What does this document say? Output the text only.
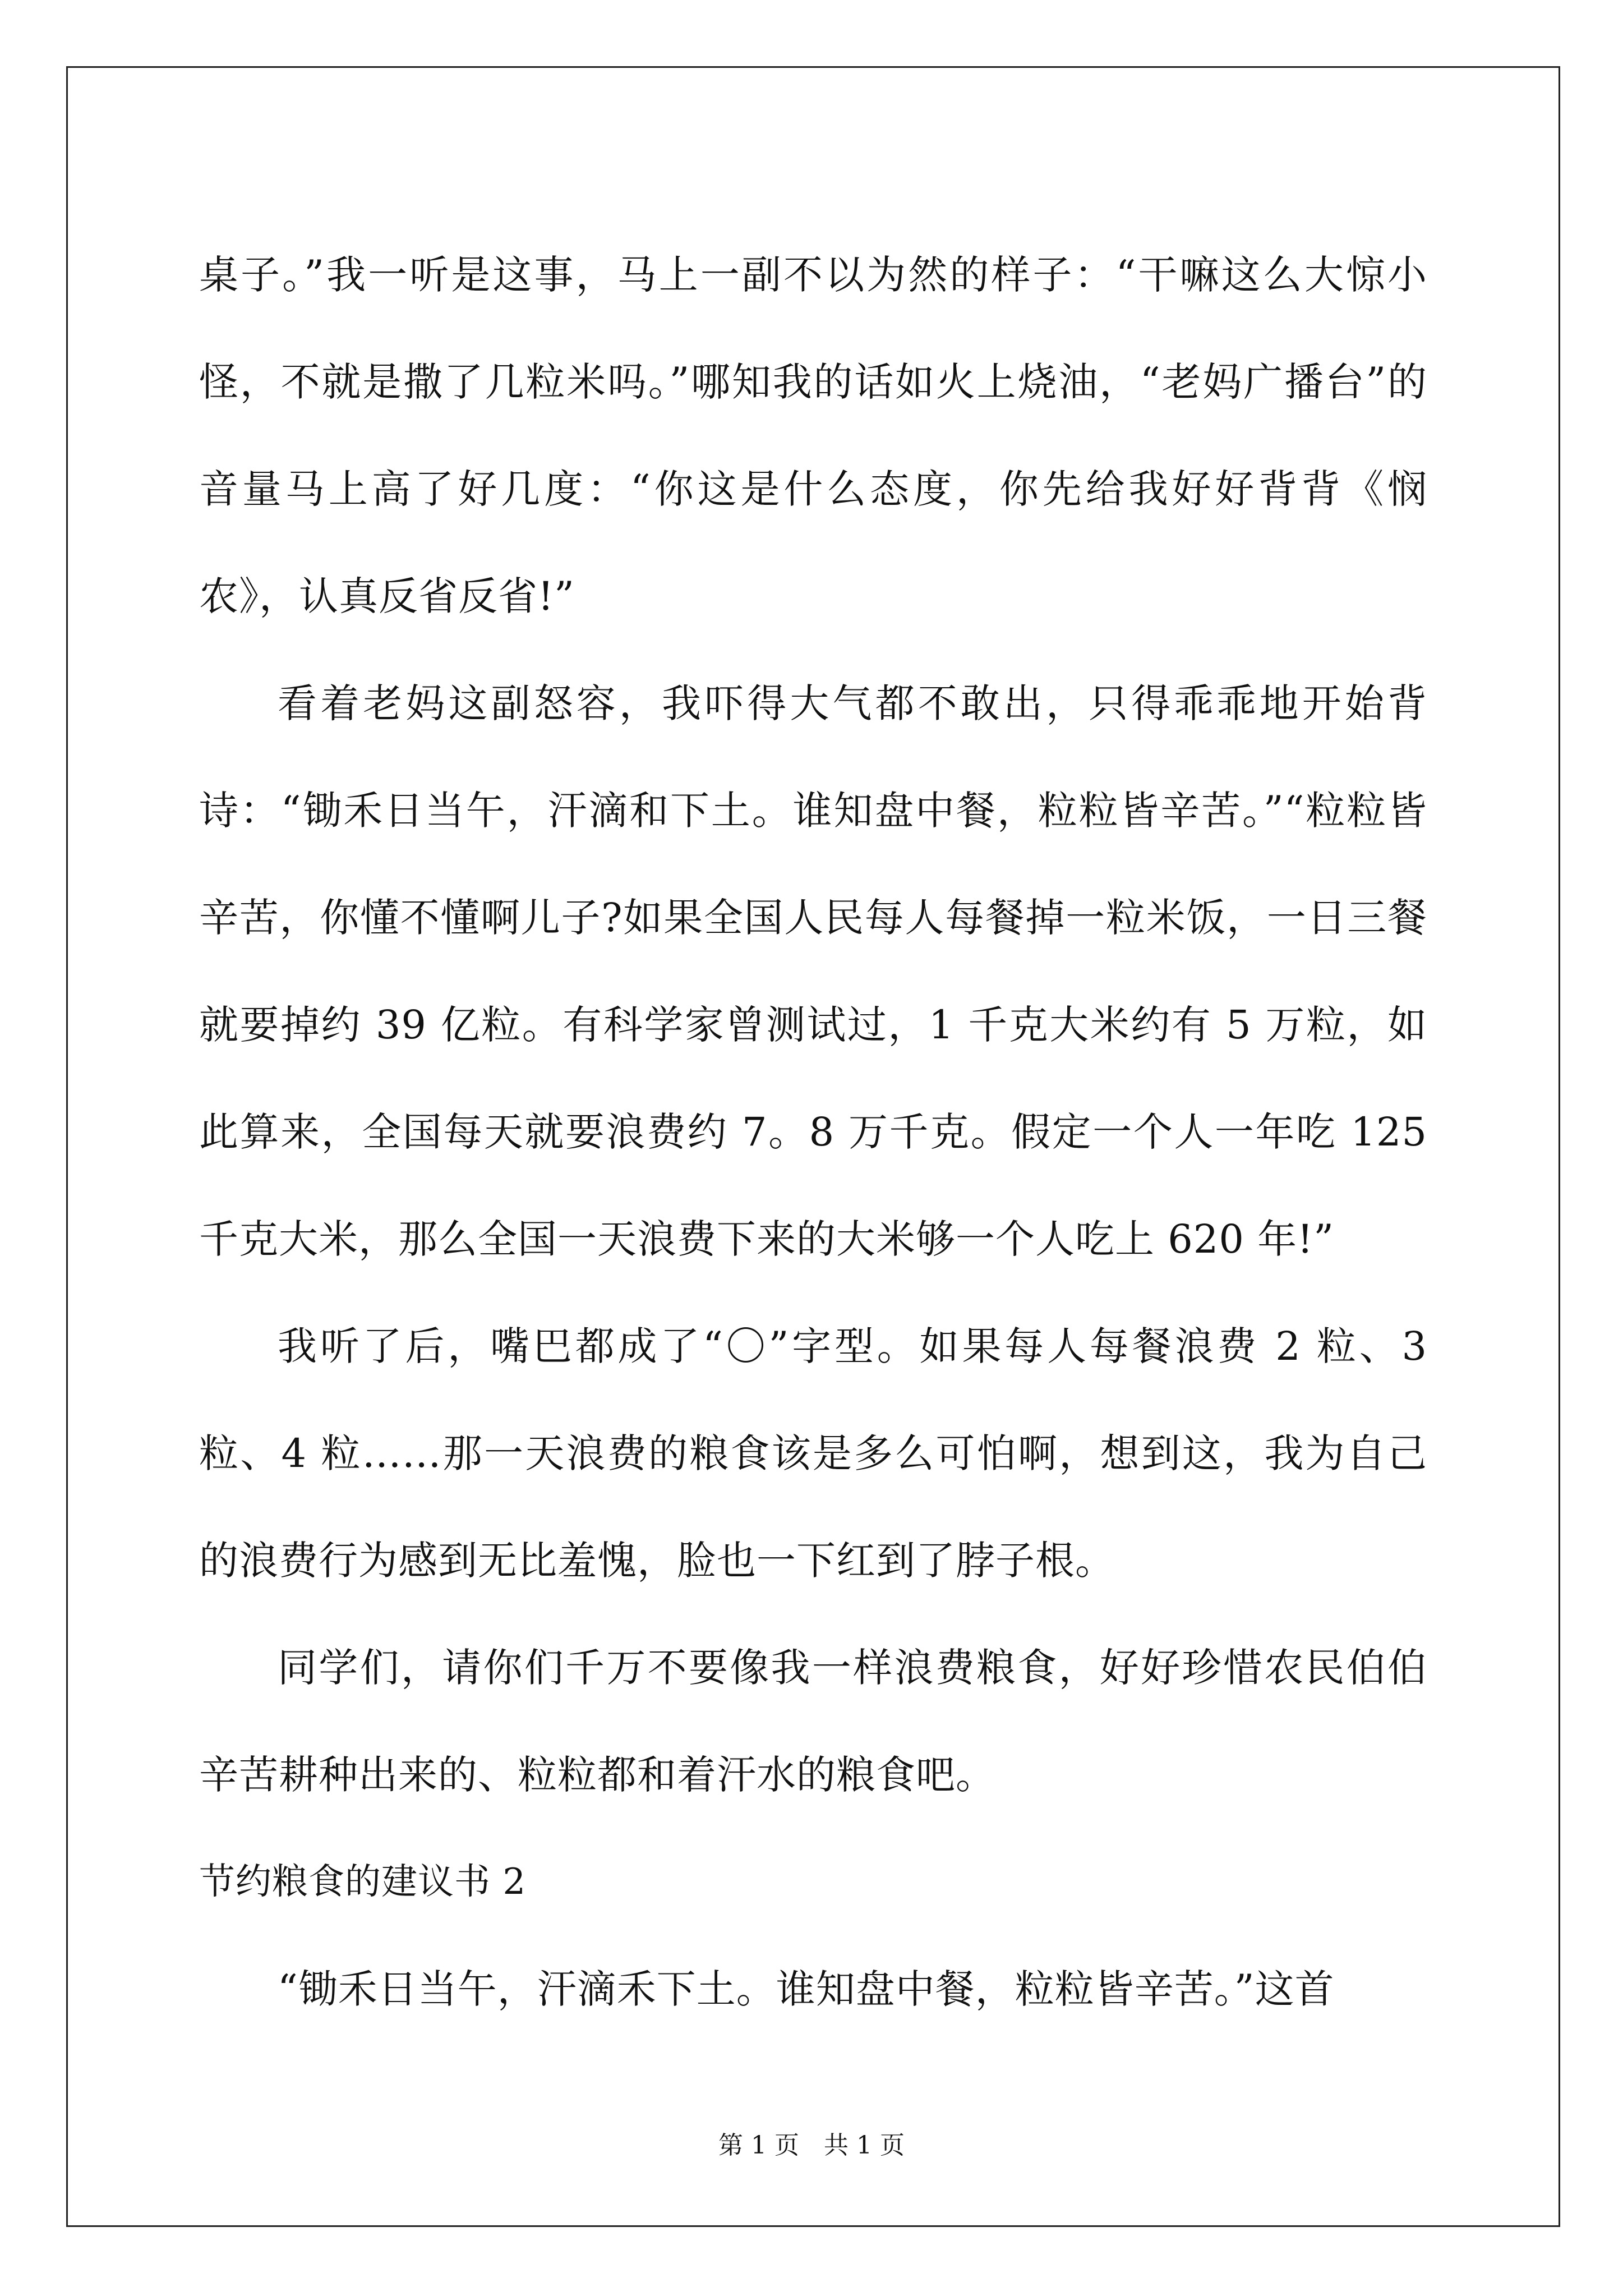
桌子。”我一听是这事，马上一副不以为然的样子：“干嘛这么大惊小怪，不就是撒了几粒米吗。”哪知我的话如火上烧油，“老妈广播台”的音量马上高了好几度：“你这是什么态度，你先给我好好背背《悯农》，认真反省反省!”

看着老妈这副怒容，我吓得大气都不敢出，只得乖乖地开始背诗：“锄禾日当午，汗滴和下土。谁知盘中餐，粒粒皆辛苦。”“粒粒皆辛苦，你懂不懂啊儿子?如果全国人民每人每餐掉一粒米饭，一日三餐就要掉约 39 亿粒。有科学家曾测试过，1 千克大米约有 5 万粒，如此算来，全国每天就要浪费约 7。8 万千克。假定一个人一年吃 125 千克大米，那么全国一天浪费下来的大米够一个人吃上 620 年!”

我听了后，嘴巴都成了“〇”字型。如果每人每餐浪费 2 粒、3 粒、4 粒……那一天浪费的粮食该是多么可怕啊，想到这，我为自己的浪费行为感到无比羞愧，脸也一下红到了脖子根。

同学们，请你们千万不要像我一样浪费粮食，好好珍惜农民伯伯辛苦耕种出来的、粒粒都和着汗水的粮食吧。

节约粮食的建议书 2

“锄禾日当午，汗滴禾下土。谁知盘中餐，粒粒皆辛苦。”这首

第 1 页　共 1 页
